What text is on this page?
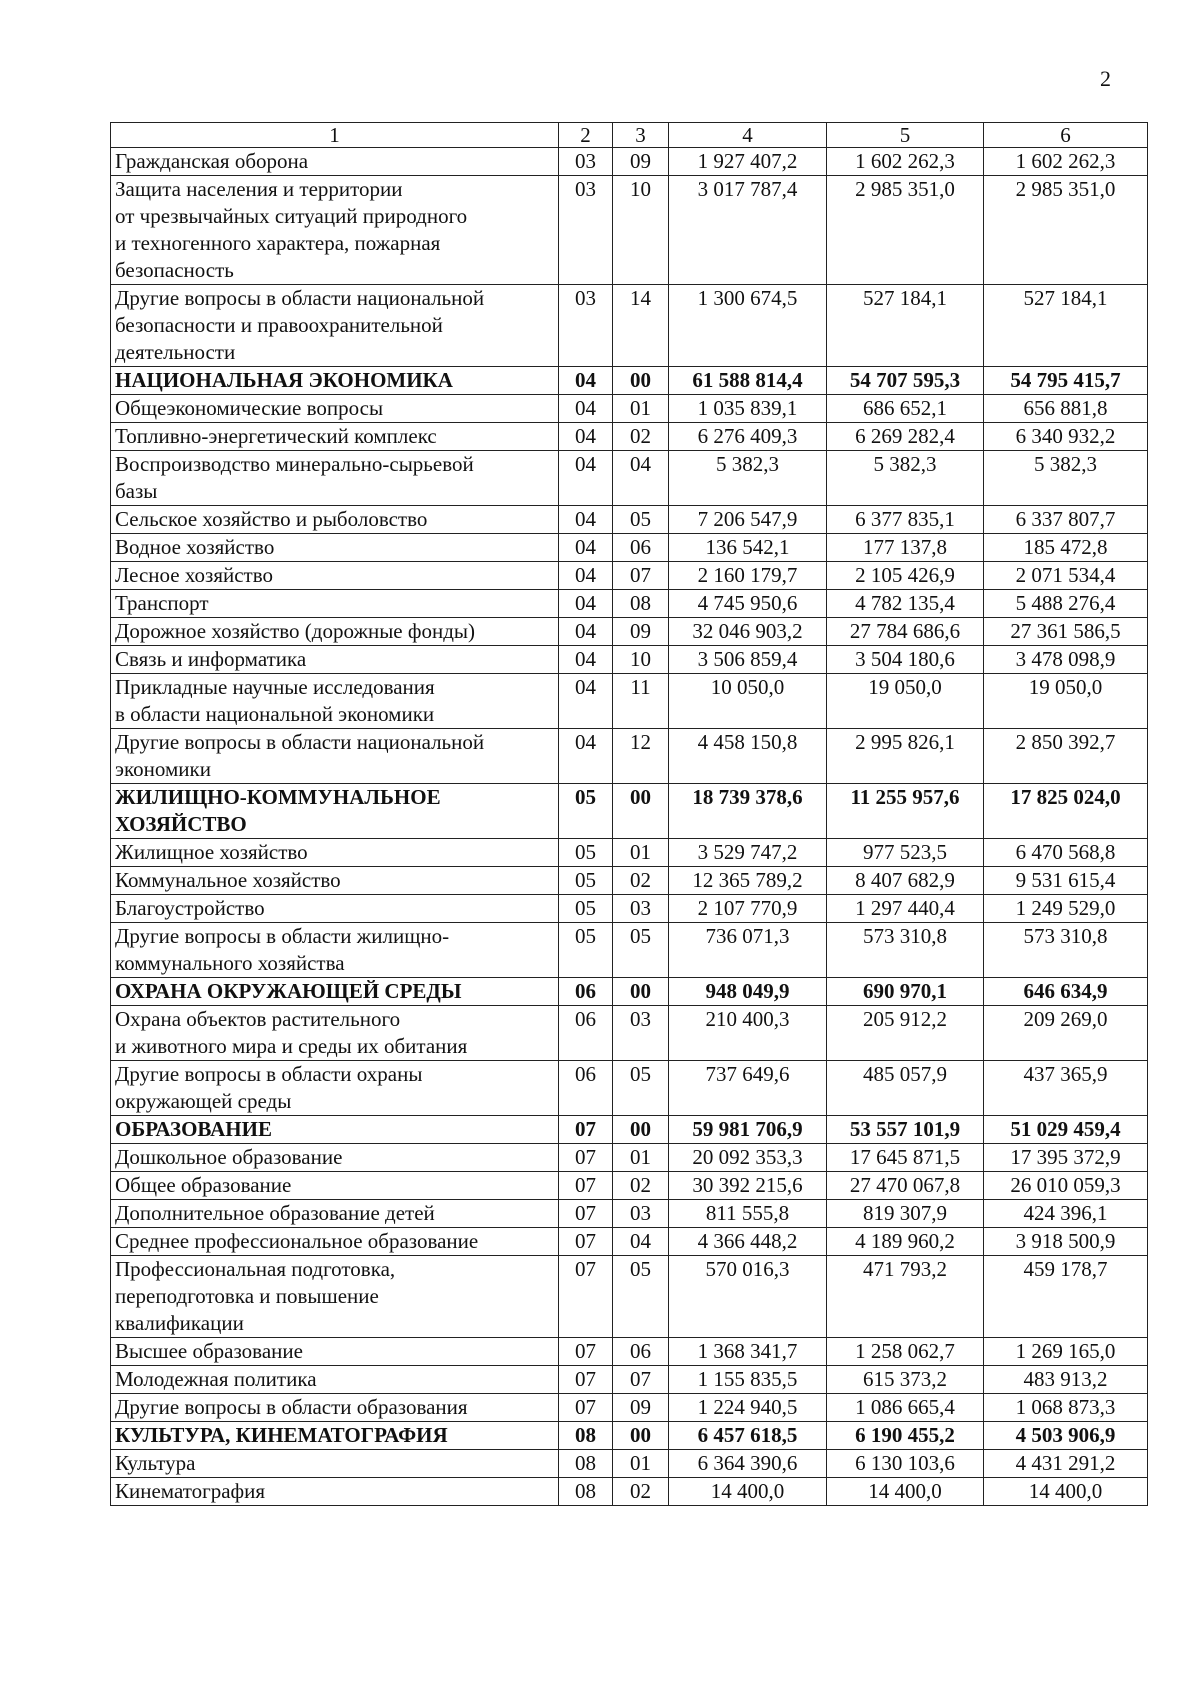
2
1	2	3	4	5	6
Гражданская оборона	03	09	1 927 407,2	1 602 262,3	1 602 262,3
Защита населения и территории
от чрезвычайных ситуаций природного
и техногенного характера, пожарная
безопасность	03	10	3 017 787,4	2 985 351,0	2 985 351,0
Другие вопросы в области национальной
безопасности и правоохранительной
деятельности	03	14	1 300 674,5	527 184,1	527 184,1
НАЦИОНАЛЬНАЯ ЭКОНОМИКА	04	00	61 588 814,4	54 707 595,3	54 795 415,7
Общеэкономические вопросы	04	01	1 035 839,1	686 652,1	656 881,8
Топливно-энергетический комплекс	04	02	6 276 409,3	6 269 282,4	6 340 932,2
Воспроизводство минерально-сырьевой
базы	04	04	5 382,3	5 382,3	5 382,3
Сельское хозяйство и рыболовство	04	05	7 206 547,9	6 377 835,1	6 337 807,7
Водное хозяйство	04	06	136 542,1	177 137,8	185 472,8
Лесное хозяйство	04	07	2 160 179,7	2 105 426,9	2 071 534,4
Транспорт	04	08	4 745 950,6	4 782 135,4	5 488 276,4
Дорожное хозяйство (дорожные фонды)	04	09	32 046 903,2	27 784 686,6	27 361 586,5
Связь и информатика	04	10	3 506 859,4	3 504 180,6	3 478 098,9
Прикладные научные исследования
в области национальной экономики	04	11	10 050,0	19 050,0	19 050,0
Другие вопросы в области национальной
экономики	04	12	4 458 150,8	2 995 826,1	2 850 392,7
ЖИЛИЩНО-КОММУНАЛЬНОЕ
ХОЗЯЙСТВО	05	00	18 739 378,6	11 255 957,6	17 825 024,0
Жилищное хозяйство	05	01	3 529 747,2	977 523,5	6 470 568,8
Коммунальное хозяйство	05	02	12 365 789,2	8 407 682,9	9 531 615,4
Благоустройство	05	03	2 107 770,9	1 297 440,4	1 249 529,0
Другие вопросы в области жилищно-
коммунального хозяйства	05	05	736 071,3	573 310,8	573 310,8
ОХРАНА ОКРУЖАЮЩЕЙ СРЕДЫ	06	00	948 049,9	690 970,1	646 634,9
Охрана объектов растительного
и животного мира и среды их обитания	06	03	210 400,3	205 912,2	209 269,0
Другие вопросы в области охраны
окружающей среды	06	05	737 649,6	485 057,9	437 365,9
ОБРАЗОВАНИЕ	07	00	59 981 706,9	53 557 101,9	51 029 459,4
Дошкольное образование	07	01	20 092 353,3	17 645 871,5	17 395 372,9
Общее образование	07	02	30 392 215,6	27 470 067,8	26 010 059,3
Дополнительное образование детей	07	03	811 555,8	819 307,9	424 396,1
Среднее профессиональное образование	07	04	4 366 448,2	4 189 960,2	3 918 500,9
Профессиональная подготовка,
переподготовка и повышение
квалификации	07	05	570 016,3	471 793,2	459 178,7
Высшее образование	07	06	1 368 341,7	1 258 062,7	1 269 165,0
Молодежная политика	07	07	1 155 835,5	615 373,2	483 913,2
Другие вопросы в области образования	07	09	1 224 940,5	1 086 665,4	1 068 873,3
КУЛЬТУРА, КИНЕМАТОГРАФИЯ	08	00	6 457 618,5	6 190 455,2	4 503 906,9
Культура	08	01	6 364 390,6	6 130 103,6	4 431 291,2
Кинематография	08	02	14 400,0	14 400,0	14 400,0
